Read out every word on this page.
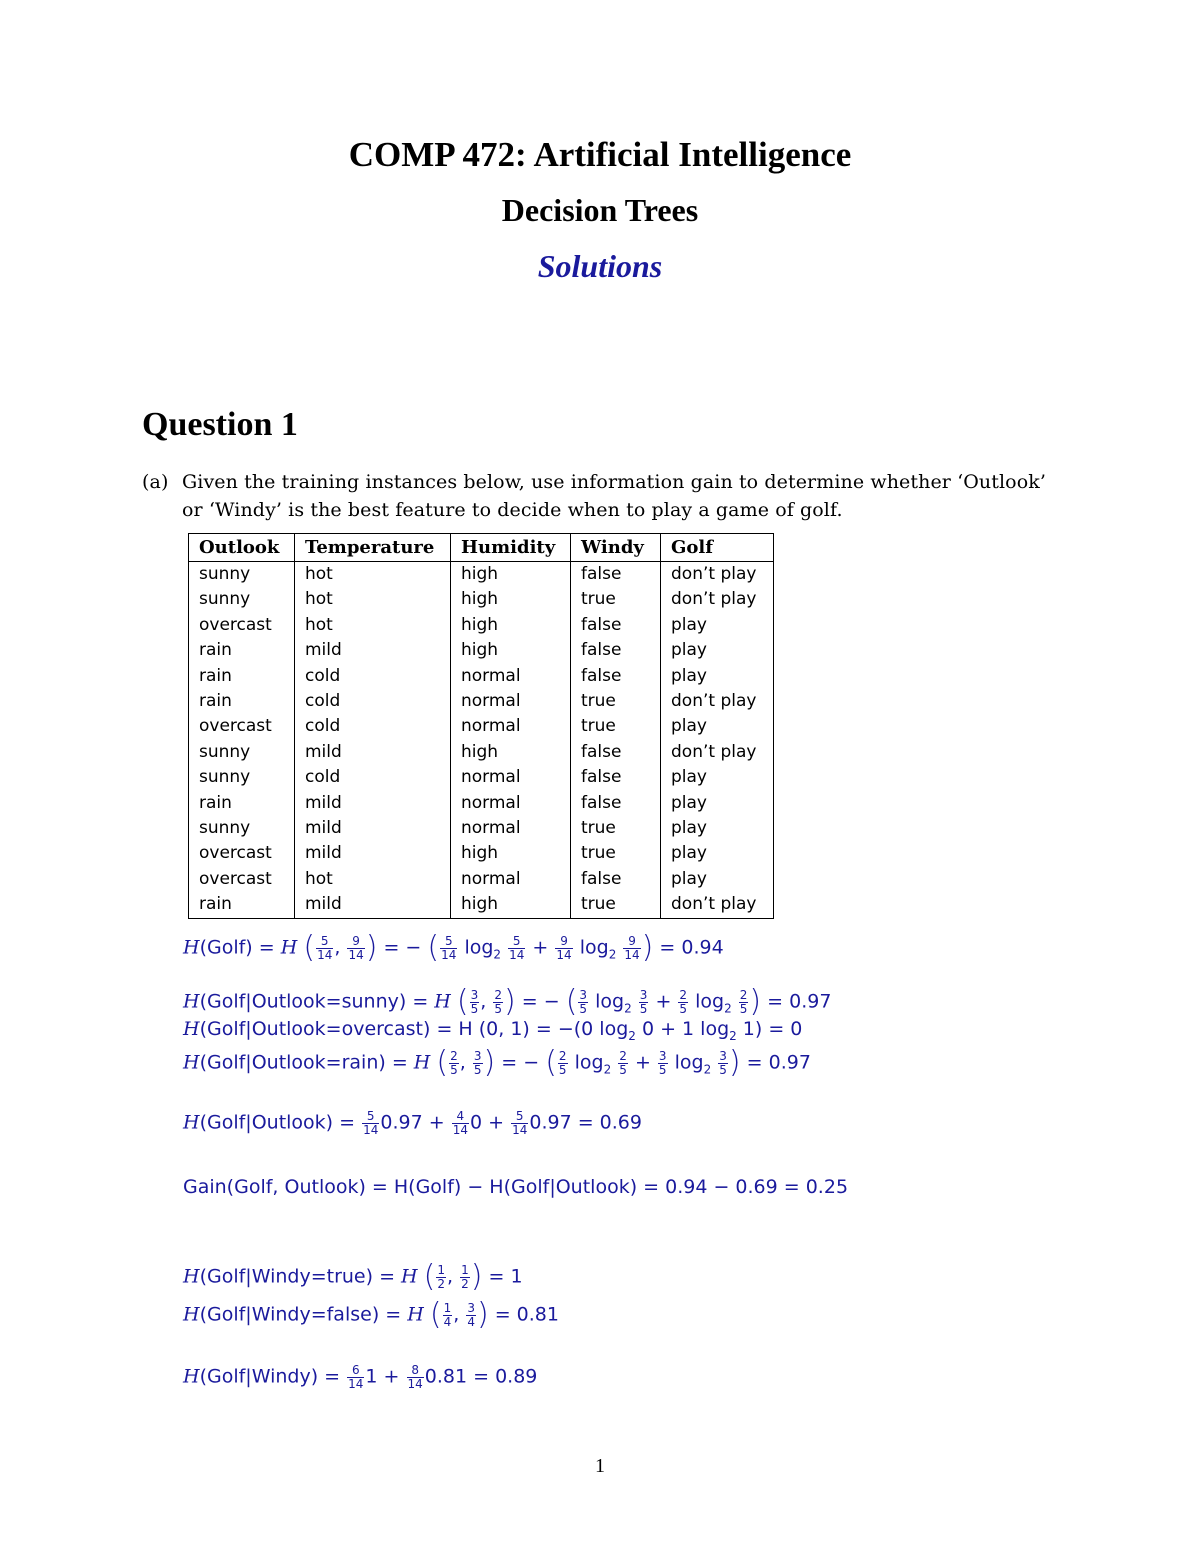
COMP 472: Artificial Intelligence
Decision Trees
Solutions
Question 1
(a) Given the training instances below, use information gain to determine whether ‘Outlook’
or ‘Windy’ is the best feature to decide when to play a game of golf.
Outlook	Temperature	Humidity	Windy	Golf
sunny	hot	high	false	don’t play
sunny	hot	high	true	don’t play
overcast	hot	high	false	play
rain	mild	high	false	play
rain	cold	normal	false	play
rain	cold	normal	true	don’t play
overcast	cold	normal	true	play
sunny	mild	high	false	don’t play
sunny	cold	normal	false	play
rain	mild	normal	false	play
sunny	mild	normal	true	play
overcast	mild	high	true	play
overcast	hot	normal	false	play
rain	mild	high	true	don’t play
H(Golf) = H ( $\frac{5}{14}$ , $\frac{9}{14}$ ) = − ( $\frac{5}{14} \log_2 \frac{5}{14} + \frac{9}{14} \log_2 \frac{9}{14}$ ) = 0.94
H(Golf|Outlook=sunny) = H ( $\frac{3}{5}$ , $\frac{2}{5}$ ) = − ( $\frac{3}{5} \log_2 \frac{3}{5} + \frac{2}{5} \log_2 \frac{2}{5}$ ) = 0.97
H(Golf|Outlook=overcast) = H (0, 1) = −(0 $\log_2 0 + 1$ $\log_2 1) = 0$
H(Golf|Outlook=rain) = H ( $\frac{2}{5}$ , $\frac{3}{5}$ ) = − ( $\frac{2}{5} \log_2 \frac{2}{5} + \frac{3}{5} \log_2 \frac{3}{5}$ ) = 0.97
H(Golf|Outlook) = $\frac{5}{14} 0.97 + \frac{4}{14} 0 + \frac{5}{14} 0.97 = 0.69$
Gain(Golf, Outlook) = H(Golf) − H(Golf|Outlook) = 0.94 − 0.69 = 0.25
H(Golf|Windy=true) = H ( $\frac{1}{2}$ , $\frac{1}{2}$ ) = 1
H(Golf|Windy=false) = H ( $\frac{1}{4}$ , $\frac{3}{4}$ ) = 0.81
H(Golf|Windy) = $\frac{6}{14} 1 + \frac{8}{14} 0.81 = 0.89$
1
